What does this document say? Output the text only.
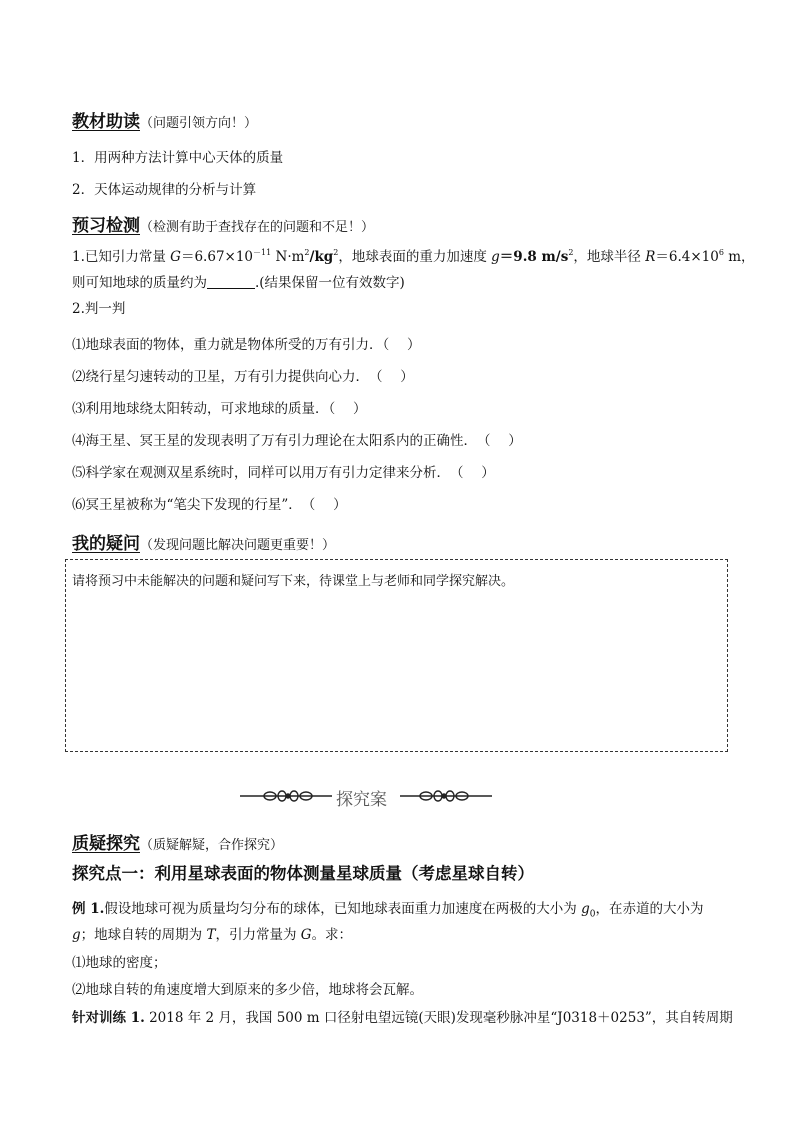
教材助读（问题引领方向！）
1．用两种方法计算中心天体的质量
2．天体运动规律的分析与计算
预习检测（检测有助于查找存在的问题和不足！）
1.已知引力常量 $G=6.67\times 10^{-11}$ $N\cdot m^2/kg^2$，地球表面的重力加速度 g＝9.8 $m/s^2$，地球半径 $R=6.4\times 10^6$ m，
则可知地球的质量约为	.(结果保留一位有效数字)
2.判一判
⑴地球表面的物体，重力就是物体所受的万有引力．（　 ）
⑵绕行星匀速转动的卫星，万有引力提供向心力．　（　 ）
⑶利用地球绕太阳转动，可求地球的质量．（　 ）
⑷海王星、冥王星的发现表明了万有引力理论在太阳系内的正确性．　（　 ）
⑸科学家在观测双星系统时，同样可以用万有引力定律来分析．　（　 ）
⑹冥王星被称为“笔尖下发现的行星”．　（　 ）
我的疑问（发现问题比解决问题更重要！）
请将预习中未能解决的问题和疑问写下来，待课堂上与老师和同学探究解决。
探究案
质疑探究（质疑解疑，合作探究）
探究点一：利用星球表面的物体测量星球质量（考虑星球自转）
例 1.假设地球可视为质量均匀分布的球体，已知地球表面重力加速度在两极的大小为 $g_0$，在赤道的大小为
g；地球自转的周期为 T，引力常量为 G。求：
⑴地球的密度；
⑵地球自转的角速度增大到原来的多少倍，地球将会瓦解。
针对训练 1. 2018 年 2 月，我国 500 m 口径射电望远镜(天眼)发现毫秒脉冲星“J0318＋0253”，其自转周期
